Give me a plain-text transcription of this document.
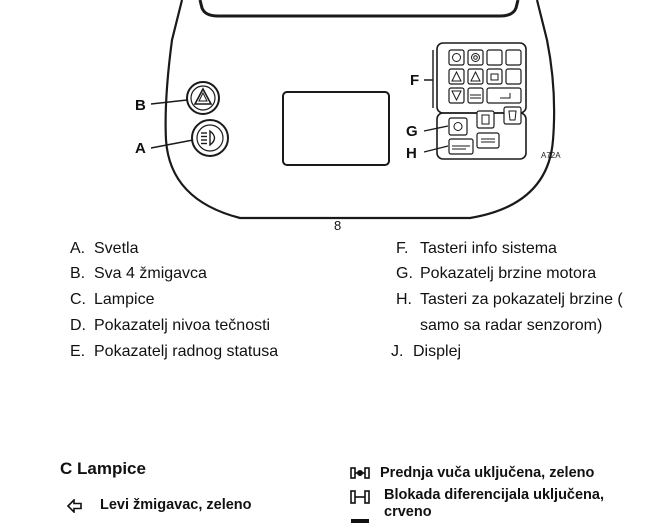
B
A
F
G
H	A72A
8
A. Svetla
B. Sva 4 žmigavca
C. Lampice
D. Pokazatelj nivoa tečnosti
E. Pokazatelj radnog statusa
F. Tasteri info sistema
G. Pokazatelj brzine motora
H. Tasteri za pokazatelj brzine (
samo sa radar senzorom)
J. Displej
C Lampice
Levi žmigavac, zeleno
Prednja vuča uključena, zeleno
Blokada diferencijala uključena,
crveno
